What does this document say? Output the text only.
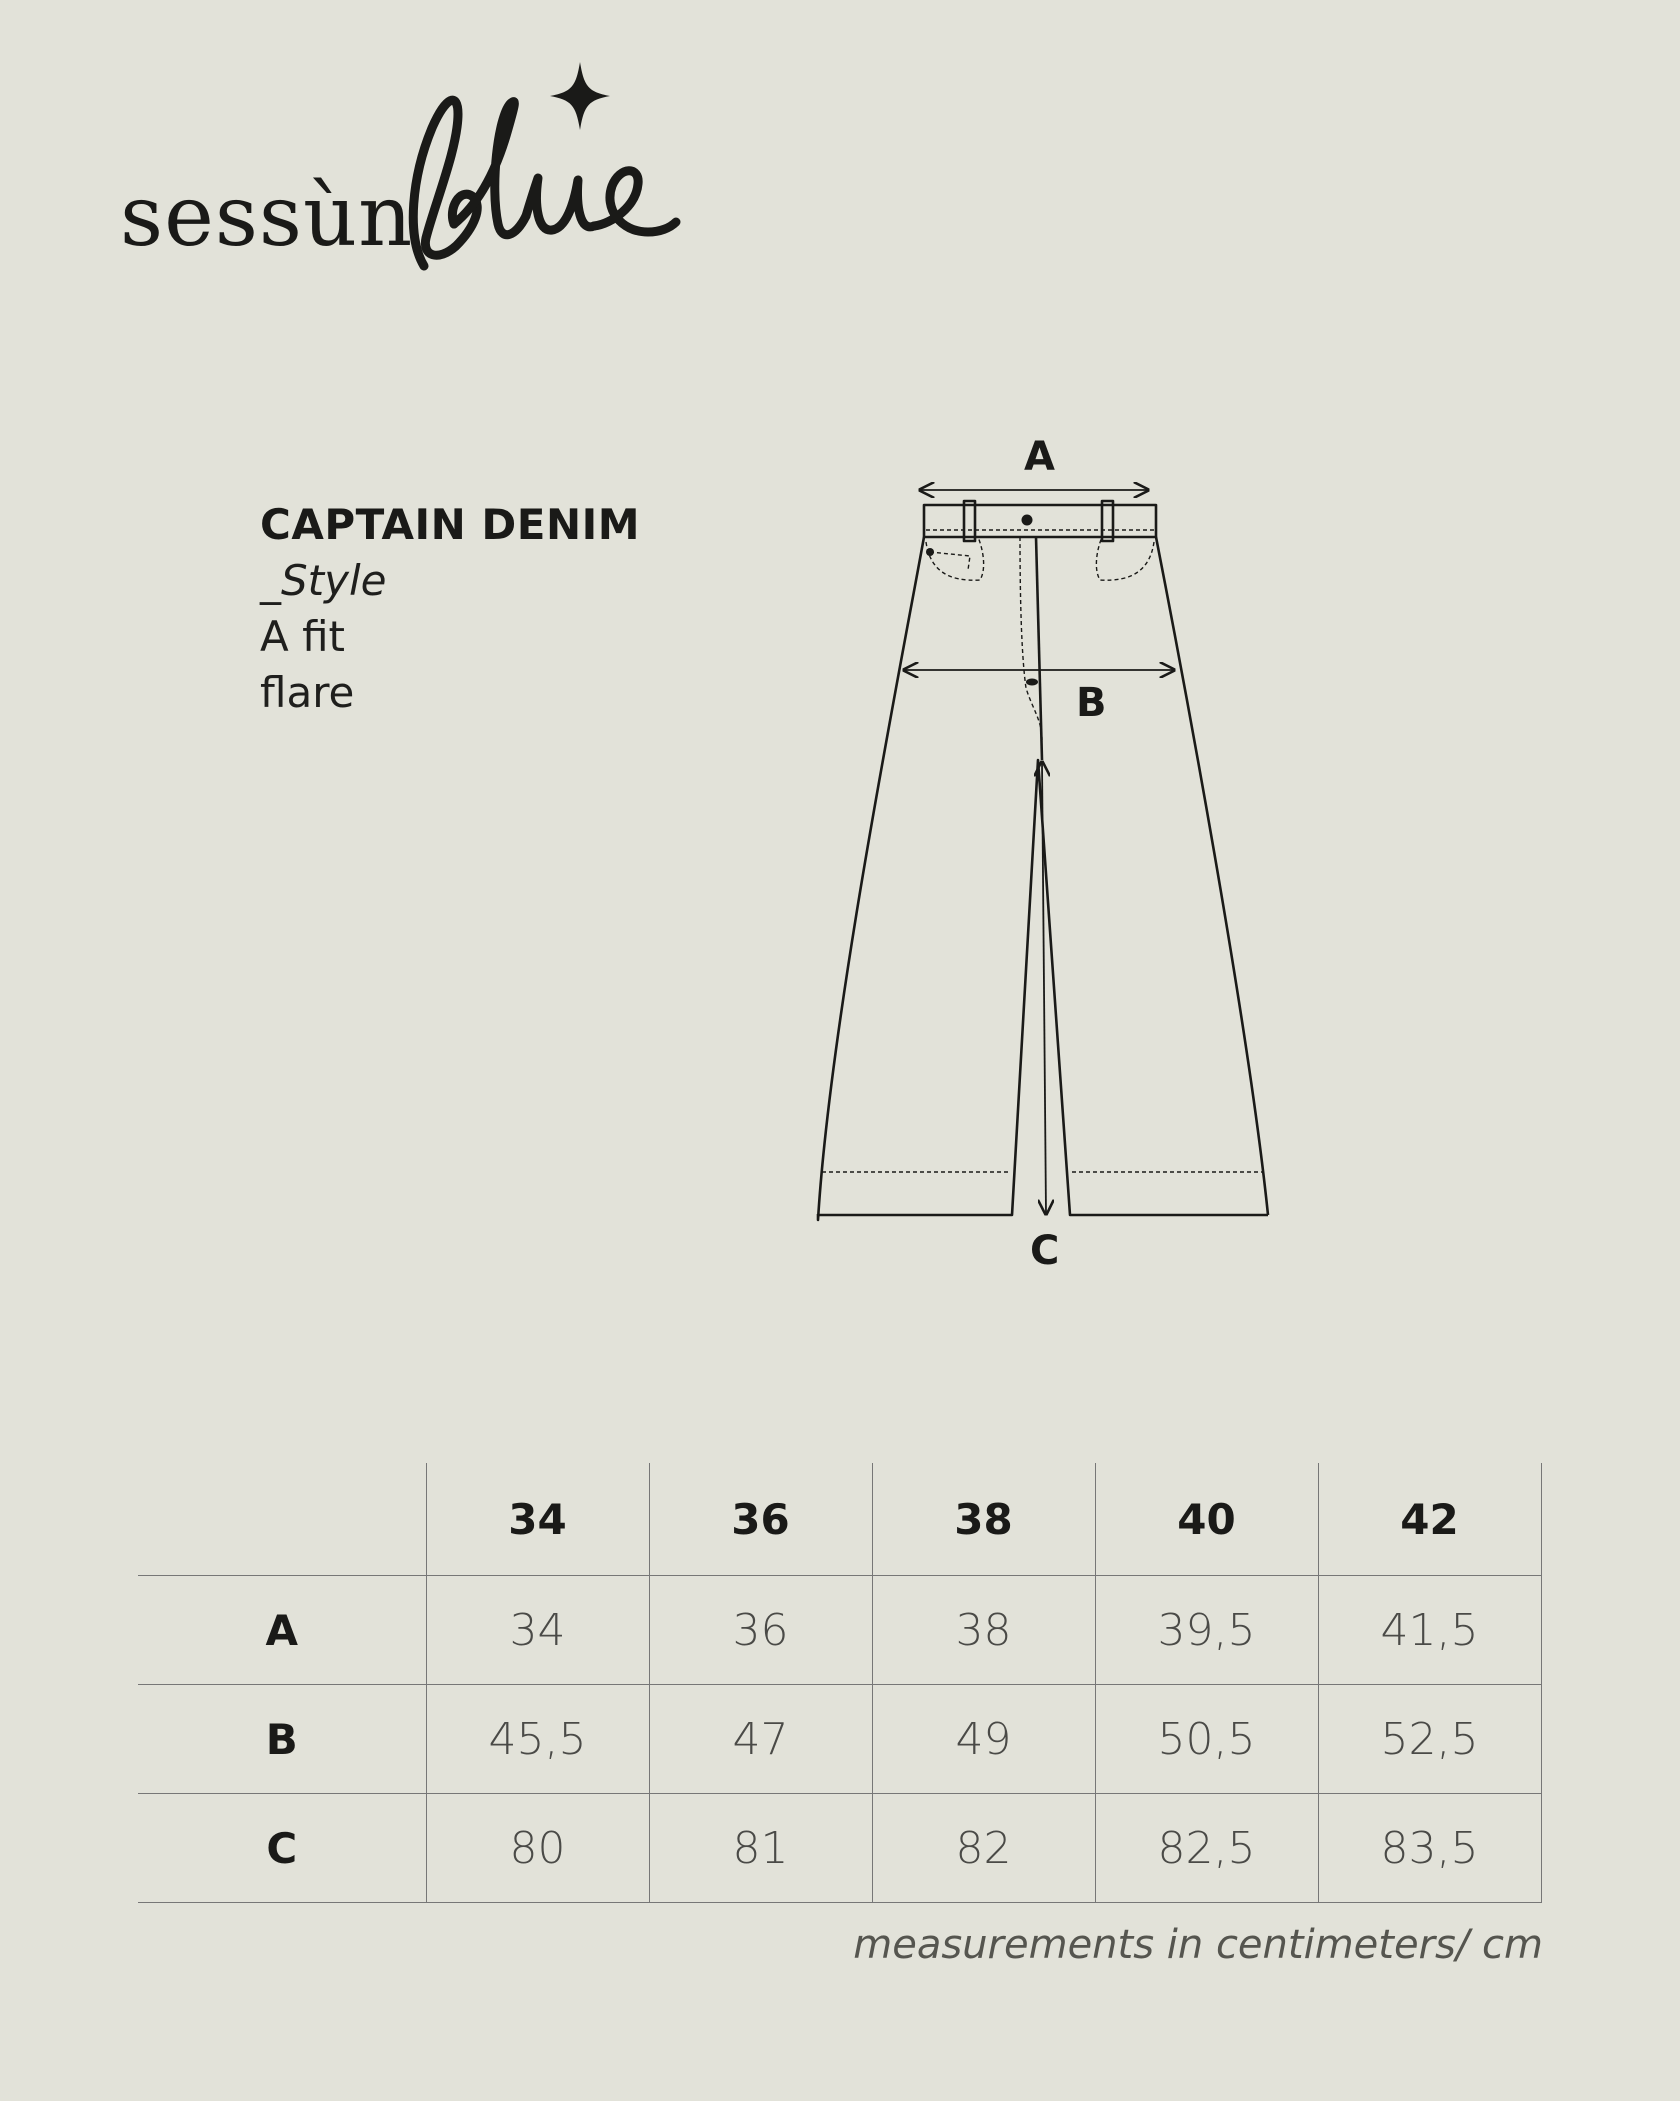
sessùn
CAPTAIN DENIM
_Style
A fit
flare
A
B
C
	34	36	38	40	42
A	34	36	38	39,5	41,5
B	45,5	47	49	50,5	52,5
C	80	81	82	82,5	83,5
measurements in centimeters/ cm
